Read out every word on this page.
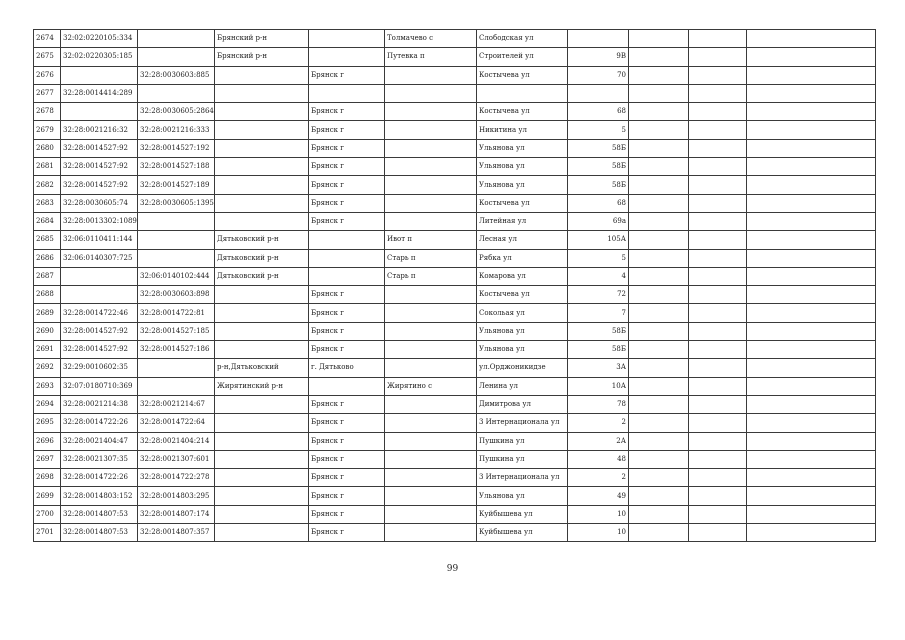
2674	32:02:0220105:334		Брянский р-н		Толмачево с	Слободская ул				
2675	32:02:0220305:185		Брянский р-н		Путевка п	Строителей ул	9В			
2676		32:28:0030603:885		Брянск г		Костычева ул	70			
2677	32:28:0014414:289									
2678		32:28:0030605:2864		Брянск г		Костычева ул	68			
2679	32:28:0021216:32	32:28:0021216:333		Брянск г		Никитина ул	5			
2680	32:28:0014527:92	32:28:0014527:192		Брянск г		Ульянова ул	58Б			
2681	32:28:0014527:92	32:28:0014527:188		Брянск г		Ульянова ул	58Б			
2682	32:28:0014527:92	32:28:0014527:189		Брянск г		Ульянова ул	58Б			
2683	32:28:0030605:74	32:28:0030605:1395		Брянск г		Костычева ул	68			
2684	32:28:0013302:1089			Брянск г		Литейная ул	69а			
2685	32:06:0110411:144		Дятьковский р-н		Ивот п	Лесная ул	105А			
2686	32:06:0140307:725		Дятьковский р-н		Старь п	Рябка ул	5			
2687		32:06:0140102:444	Дятьковский р-н		Старь п	Комарова ул	4			
2688		32:28:0030603:898		Брянск г		Костычева ул	72			
2689	32:28:0014722:46	32:28:0014722:81		Брянск г		Сокольая ул	7			
2690	32:28:0014527:92	32:28:0014527:185		Брянск г		Ульянова ул	58Б			
2691	32:28:0014527:92	32:28:0014527:186		Брянск г		Ульянова ул	58Б			
2692	32:29:0010602:35		р-н,Дятьковский	г. Дятьково		ул.Орджоникидзе	3А			
2693	32:07:0180710:369		Жирятинский р-н		Жирятино с	Ленина ул	10А			
2694	32:28:0021214:38	32:28:0021214:67		Брянск г		Димитрова ул	78			
2695	32:28:0014722:26	32:28:0014722:64		Брянск г		3 Интернационала ул	2			
2696	32:28:0021404:47	32:28:0021404:214		Брянск г		Пушкина ул	2А			
2697	32:28:0021307:35	32:28:0021307:601		Брянск г		Пушкина ул	48			
2698	32:28:0014722:26	32:28:0014722:278		Брянск г		3 Интернационала ул	2			
2699	32:28:0014803:152	32:28:0014803:295		Брянск г		Ульянова ул	49			
2700	32:28:0014807:53	32:28:0014807:174		Брянск г		Куйбышева ул	10			
2701	32:28:0014807:53	32:28:0014807:357		Брянск г		Куйбышева ул	10			
99
